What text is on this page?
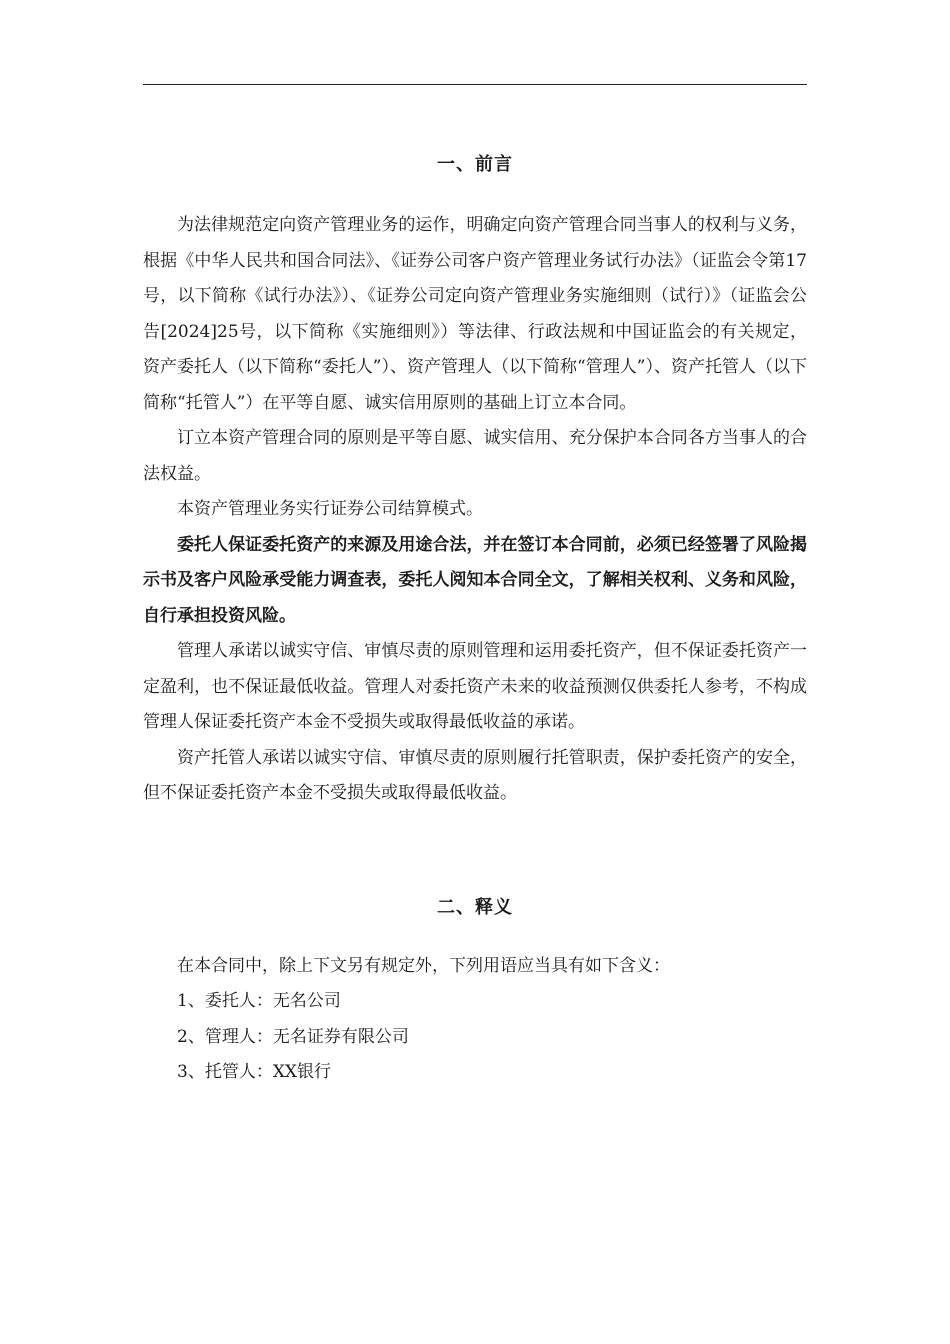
一、前言

为法律规范定向资产管理业务的运作，明确定向资产管理合同当事人的权利与义务，根据《中华人民共和国合同法》、《证券公司客户资产管理业务试行办法》（证监会令第17号，以下简称《试行办法》）、《证券公司定向资产管理业务实施细则（试行）》（证监会公告[2024]25号，以下简称《实施细则》）等法律、行政法规和中国证监会的有关规定，资产委托人（以下简称“委托人”）、资产管理人（以下简称“管理人”）、资产托管人（以下简称“托管人”）在平等自愿、诚实信用原则的基础上订立本合同。

订立本资产管理合同的原则是平等自愿、诚实信用、充分保护本合同各方当事人的合法权益。

本资产管理业务实行证券公司结算模式。

委托人保证委托资产的来源及用途合法，并在签订本合同前，必须已经签署了风险揭示书及客户风险承受能力调查表，委托人阅知本合同全文，了解相关权利、义务和风险，自行承担投资风险。

管理人承诺以诚实守信、审慎尽责的原则管理和运用委托资产，但不保证委托资产一定盈利，也不保证最低收益。管理人对委托资产未来的收益预测仅供委托人参考，不构成管理人保证委托资产本金不受损失或取得最低收益的承诺。

资产托管人承诺以诚实守信、审慎尽责的原则履行托管职责，保护委托资产的安全，但不保证委托资产本金不受损失或取得最低收益。

二、释义

在本合同中，除上下文另有规定外，下列用语应当具有如下含义：

1、委托人：无名公司

2、管理人：无名证券有限公司

3、托管人：XX银行
